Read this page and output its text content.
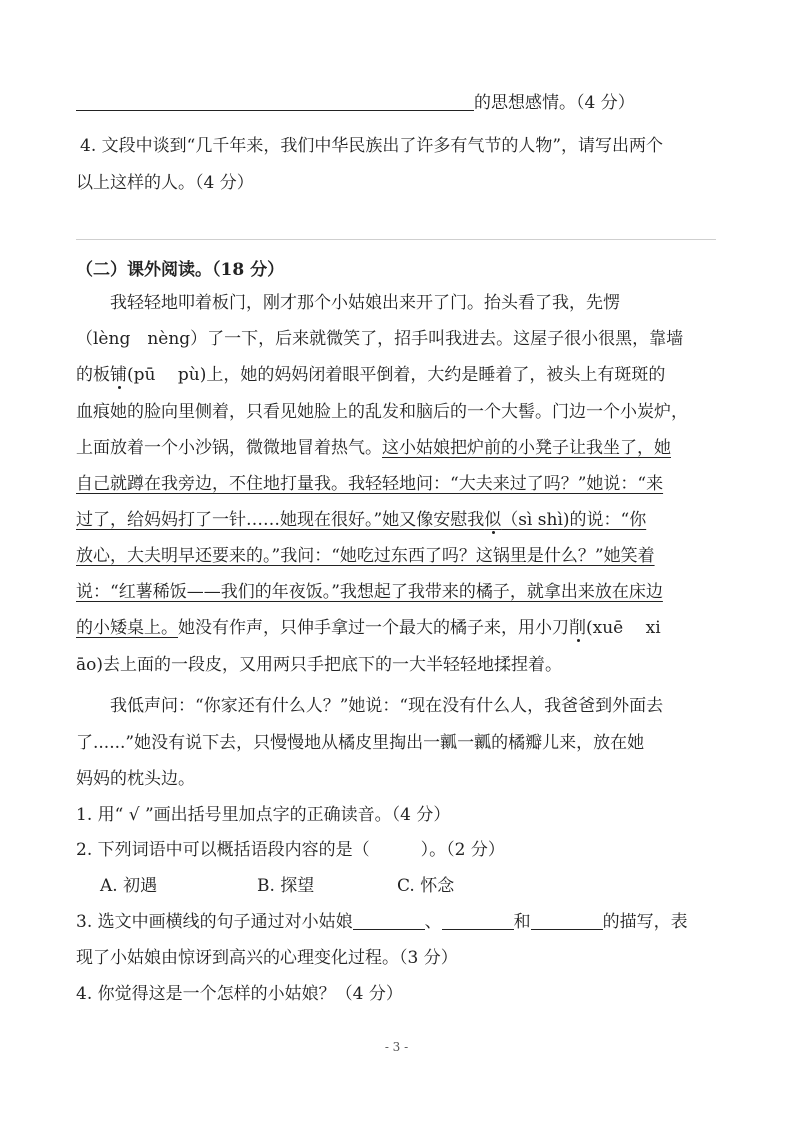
的思想感情。（4 分）
4. 文段中谈到“几千年来，我们中华民族出了许多有气节的人物”，请写出两个
以上这样的人。（4 分）
（二）课外阅读。（18 分）
我轻轻地叩着板门，刚才那个小姑娘出来开了门。抬头看了我，先愣
（lèng　nèng）了一下，后来就微笑了，招手叫我进去。这屋子很小很黑，靠墙
的板铺(pū　 pù)上，她的妈妈闭着眼平倒着，大约是睡着了，被头上有斑斑的
血痕她的脸向里侧着，只看见她脸上的乱发和脑后的一个大髻。门边一个小炭炉，
上面放着一个小沙锅，微微地冒着热气。这小姑娘把炉前的小凳子让我坐了，她
自己就蹲在我旁边，不住地打量我。我轻轻地问：“大夫来过了吗？”她说：“来
过了，给妈妈打了一针……她现在很好。”她又像安慰我似（sì shì)的说：“你
放心，大夫明早还要来的。”我问：“她吃过东西了吗？这锅里是什么？”她笑着
说：“红薯稀饭——我们的年夜饭。”我想起了我带来的橘子，就拿出来放在床边
的小矮桌上。她没有作声，只伸手拿过一个最大的橘子来，用小刀削(xuē　 xi
āo)去上面的一段皮，又用两只手把底下的一大半轻轻地揉捏着。
我低声问：“你家还有什么人？”她说：“现在没有什么人，我爸爸到外面去
了......”她没有说下去，只慢慢地从橘皮里掏出一瓤一瓤的橘瓣儿来，放在她
妈妈的枕头边。
1. 用“ √ ”画出括号里加点字的正确读音。（4 分）
2. 下列词语中可以概括语段内容的是（　　　）。（2 分）
A. 初遇	B. 探望	C. 怀念
3. 选文中画横线的句子通过对小姑娘	、	和	的描写，表
现了小姑娘由惊讶到高兴的心理变化过程。（3 分）
4. 你觉得这是一个怎样的小姑娘？（4 分）
- 3 -
